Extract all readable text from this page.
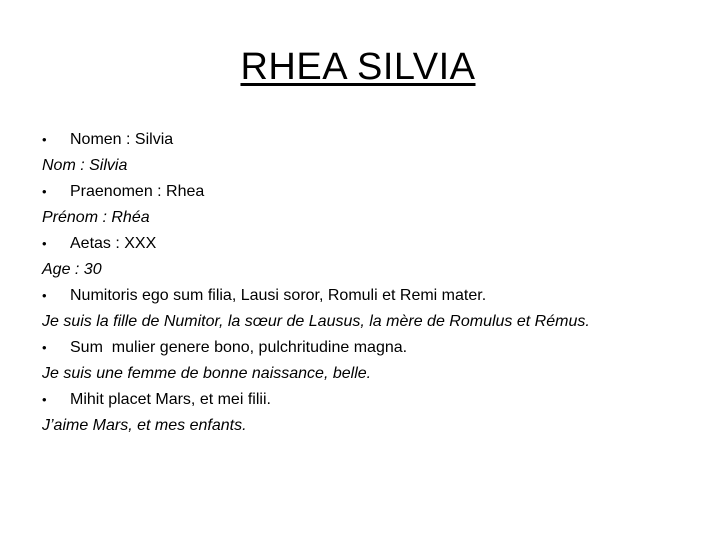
RHEA SILVIA
•	Nomen : Silvia
Nom : Silvia
•	Praenomen : Rhea
Prénom : Rhéa
•	Aetas : XXX
Age : 30
•	Numitoris ego sum filia, Lausi soror, Romuli et Remi mater.
Je suis la fille de Numitor, la sœur de Lausus, la mère de Romulus et Rémus.
•	Sum  mulier genere bono, pulchritudine magna.
Je suis une femme de bonne naissance, belle.
•	Mihit placet Mars, et mei filii.
J’aime Mars, et mes enfants.
